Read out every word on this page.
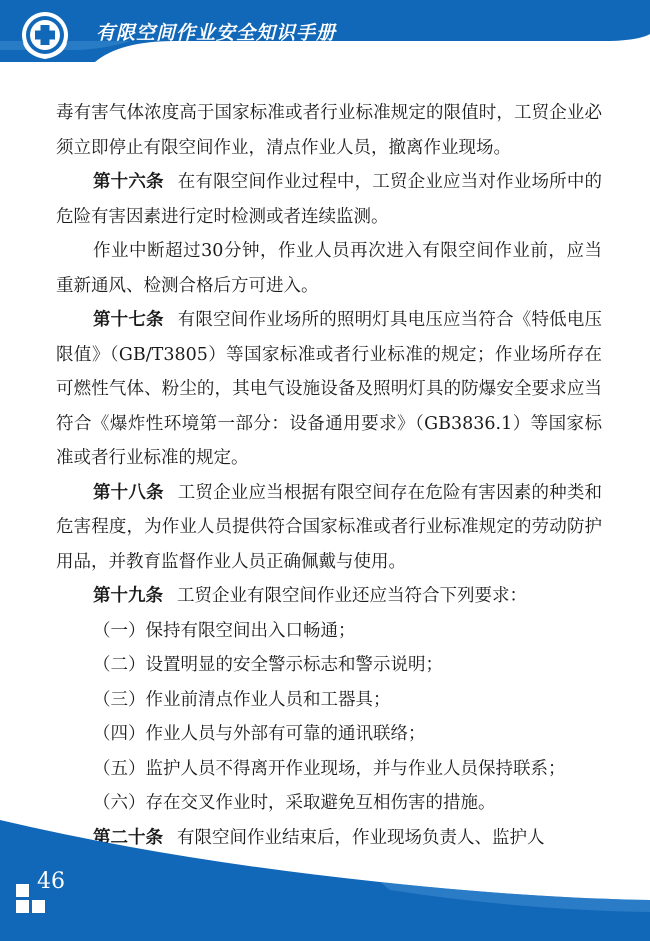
有限空间作业安全知识手册

毒有害气体浓度高于国家标准或者行业标准规定的限值时，工贸企业必须立即停止有限空间作业，清点作业人员，撤离作业现场。

第十六条 在有限空间作业过程中，工贸企业应当对作业场所中的危险有害因素进行定时检测或者连续监测。

作业中断超过30分钟，作业人员再次进入有限空间作业前，应当重新通风、检测合格后方可进入。

第十七条 有限空间作业场所的照明灯具电压应当符合《特低电压限值》（GB/T3805）等国家标准或者行业标准的规定；作业场所存在可燃性气体、粉尘的，其电气设施设备及照明灯具的防爆安全要求应当符合《爆炸性环境第一部分：设备通用要求》（GB3836.1）等国家标准或者行业标准的规定。

第十八条 工贸企业应当根据有限空间存在危险有害因素的种类和危害程度，为作业人员提供符合国家标准或者行业标准规定的劳动防护用品，并教育监督作业人员正确佩戴与使用。

第十九条 工贸企业有限空间作业还应当符合下列要求：

（一）保持有限空间出入口畅通；

（二）设置明显的安全警示标志和警示说明；

（三）作业前清点作业人员和工器具；

（四）作业人员与外部有可靠的通讯联络；

（五）监护人员不得离开作业现场，并与作业人员保持联系；

（六）存在交叉作业时，采取避免互相伤害的措施。

第二十条 有限空间作业结束后，作业现场负责人、监护人

46
